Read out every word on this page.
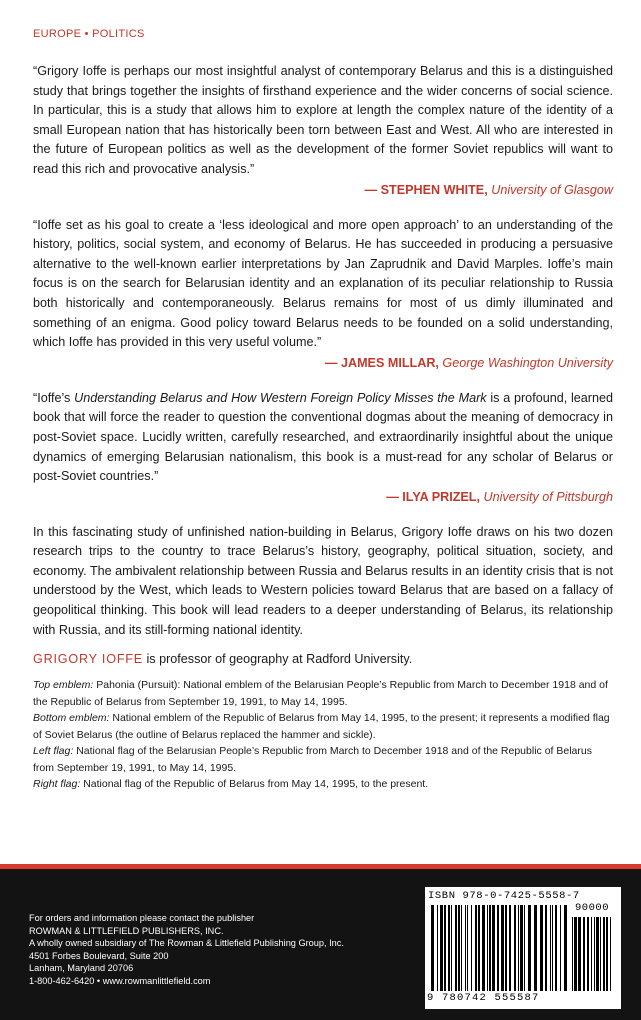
EUROPE • POLITICS

“Grigory Ioffe is perhaps our most insightful analyst of contemporary Belarus and this is a distinguished study that brings together the insights of firsthand experience and the wider concerns of social science. In particular, this is a study that allows him to explore at length the complex nature of the identity of a small European nation that has historically been torn between East and West. All who are interested in the future of European politics as well as the development of the former Soviet republics will want to read this rich and provocative analysis.”

— STEPHEN WHITE, University of Glasgow

“Ioffe set as his goal to create a ‘less ideological and more open approach’ to an understanding of the history, politics, social system, and economy of Belarus. He has succeeded in producing a persuasive alternative to the well-known earlier interpretations by Jan Zaprudnik and David Marples. Ioffe’s main focus is on the search for Belarusian identity and an explanation of its peculiar relationship to Russia both historically and contemporaneously. Belarus remains for most of us dimly illuminated and something of an enigma. Good policy toward Belarus needs to be founded on a solid understanding, which Ioffe has provided in this very useful volume.”

— JAMES MILLAR, George Washington University

“Ioffe’s Understanding Belarus and How Western Foreign Policy Misses the Mark is a profound, learned book that will force the reader to question the conventional dogmas about the meaning of democracy in post-Soviet space. Lucidly written, carefully researched, and extraordinarily insightful about the unique dynamics of emerging Belarusian nationalism, this book is a must-read for any scholar of Belarus or post-Soviet countries.”

— ILYA PRIZEL, University of Pittsburgh

In this fascinating study of unfinished nation-building in Belarus, Grigory Ioffe draws on his two dozen research trips to the country to trace Belarus’s history, geography, political situation, society, and economy. The ambivalent relationship between Russia and Belarus results in an identity crisis that is not understood by the West, which leads to Western policies toward Belarus that are based on a fallacy of geopolitical thinking. This book will lead readers to a deeper understanding of Belarus, its relationship with Russia, and its still-forming national identity.

GRIGORY IOFFE is professor of geography at Radford University.

Top emblem: Pahonia (Pursuit): National emblem of the Belarusian People’s Republic from March to December 1918 and of the Republic of Belarus from September 19, 1991, to May 14, 1995.

Bottom emblem: National emblem of the Republic of Belarus from May 14, 1995, to the present; it represents a modified flag of Soviet Belarus (the outline of Belarus replaced the hammer and sickle).

Left flag: National flag of the Belarusian People’s Republic from March to December 1918 and of the Republic of Belarus from September 19, 1991, to May 14, 1995.

Right flag: National flag of the Republic of Belarus from May 14, 1995, to the present.

For orders and information please contact the publisher
ROWMAN & LITTLEFIELD PUBLISHERS, INC.
A wholly owned subsidiary of The Rowman & Littlefield Publishing Group, Inc.
4501 Forbes Boulevard, Suite 200
Lanham, Maryland 20706
1-800-462-6420 • www.rowmanlittlefield.com
ISBN 978-0-7425-5558-7
90000
9 780742 555587
